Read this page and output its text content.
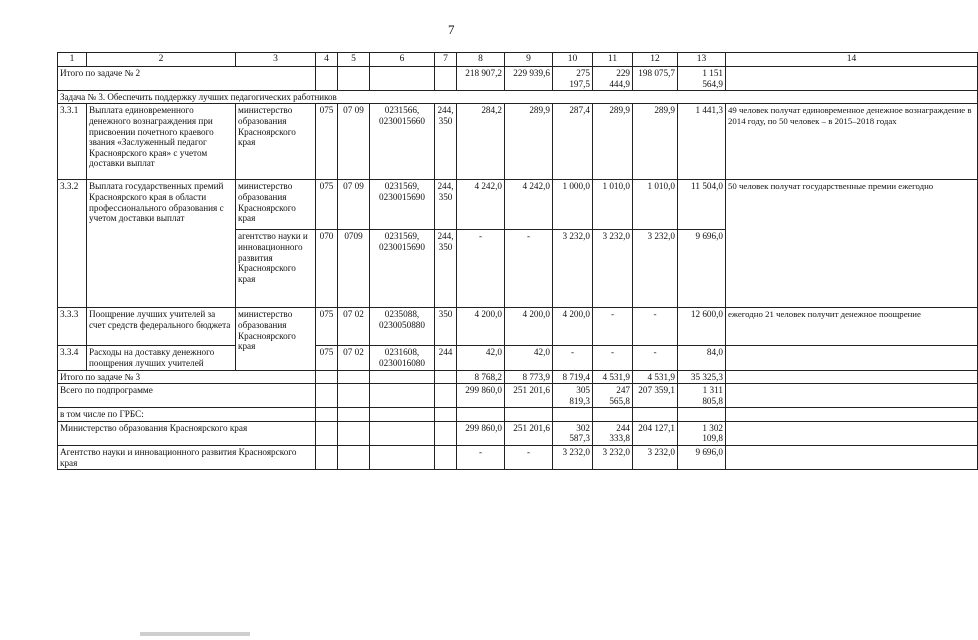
7
1	2	3	4	5	6	7	8	9	10	11	12	13	14
Итого по задаче № 2							218 907,2	229 939,6	275 197,5	229 444,9	198 075,7	1 151 564,9	
Задача № 3. Обеспечить поддержку лучших педагогических работников													
3.3.1	Выплата единовременного денежного вознаграждения при присвоении почетного краевого звания «Заслуженный педагог Красноярского края» с учетом доставки выплат	министерство образования Красноярского края	075	07 09	0231566, 0230015660	244, 350	284,2	289,9	287,4	289,9	289,9	1 441,3	49 человек получат единовременное денежное вознаграждение в 2014 году, по 50 человек – в 2015–2018 годах
3.3.2	Выплата государственных премий Красноярского края в области профессионального образования с учетом доставки выплат	министерство образования Красноярского края	075	07 09	0231569, 0230015690	244, 350	4 242,0	4 242,0	1 000,0	1 010,0	1 010,0	11 504,0	50 человек получат государственные премии ежегодно
		агентство науки и инновационного развития Красноярского края	070	0709	0231569, 0230015690	244, 350	-	-	3 232,0	3 232,0	3 232,0	9 696,0	
3.3.3	Поощрение лучших учителей за счет средств федерального бюджета	министерство образования Красноярского края	075	07 02	0235088, 0230050880	350	4 200,0	4 200,0	4 200,0	-	-	12 600,0	ежегодно 21 человек получит денежное поощрение
3.3.4	Расходы на доставку денежного поощрения лучших учителей		075	07 02	0231608, 0230016080	244	42,0	42,0	-	-	-	84,0	
Итого по задаче № 3							8 768,2	8 773,9	8 719,4	4 531,9	4 531,9	35 325,3	
Всего по подпрограмме							299 860,0	251 201,6	305 819,3	247 565,8	207 359,1	1 311 805,8	
в том числе по ГРБС:													
Министерство образования Красноярского края							299 860,0	251 201,6	302 587,3	244 333,8	204 127,1	1 302 109,8	
Агентство науки и инновационного развития Красноярского края							-	-	3 232,0	3 232,0	3 232,0	9 696,0	
